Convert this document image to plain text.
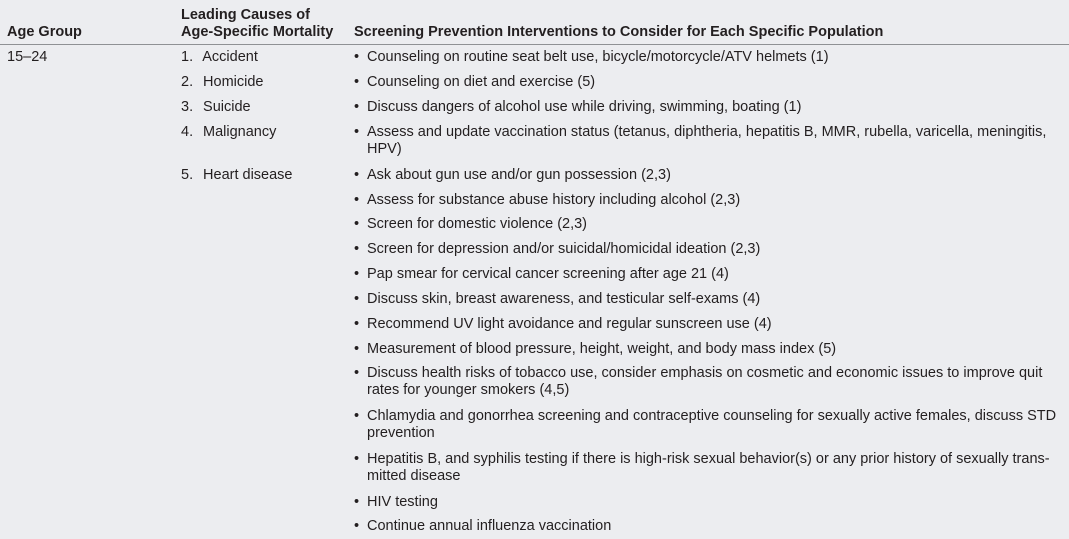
Age Group
Leading Causes of
Age-Specific Mortality Screening Prevention Interventions to Consider for Each Specific Population
15–24	1. Accident
2. Homicide
3. Suicide
4. Malignancy
5. Heart disease
• Counseling on routine seat belt use, bicycle/motorcycle/ATV helmets (1)
• Counseling on diet and exercise (5)
• Discuss dangers of alcohol use while driving, swimming, boating (1)
• Assess and update vaccination status (tetanus, diphtheria, hepatitis B, MMR, rubella, varicella, meningitis, HPV)
• Ask about gun use and/or gun possession (2,3)
• Assess for substance abuse history including alcohol (2,3)
• Screen for domestic violence (2,3)
• Screen for depression and/or suicidal/homicidal ideation (2,3)
• Pap smear for cervical cancer screening after age 21 (4)
• Discuss skin, breast awareness, and testicular self-exams (4)
• Recommend UV light avoidance and regular sunscreen use (4)
• Measurement of blood pressure, height, weight, and body mass index (5)
• Discuss health risks of tobacco use, consider emphasis on cosmetic and economic issues to improve quit rates for younger smokers (4,5)
• Chlamydia and gonorrhea screening and contraceptive counseling for sexually active females, discuss STD prevention
• Hepatitis B, and syphilis testing if there is high-risk sexual behavior(s) or any prior history of sexually trans-mitted disease
• HIV testing
• Continue annual influenza vaccination
